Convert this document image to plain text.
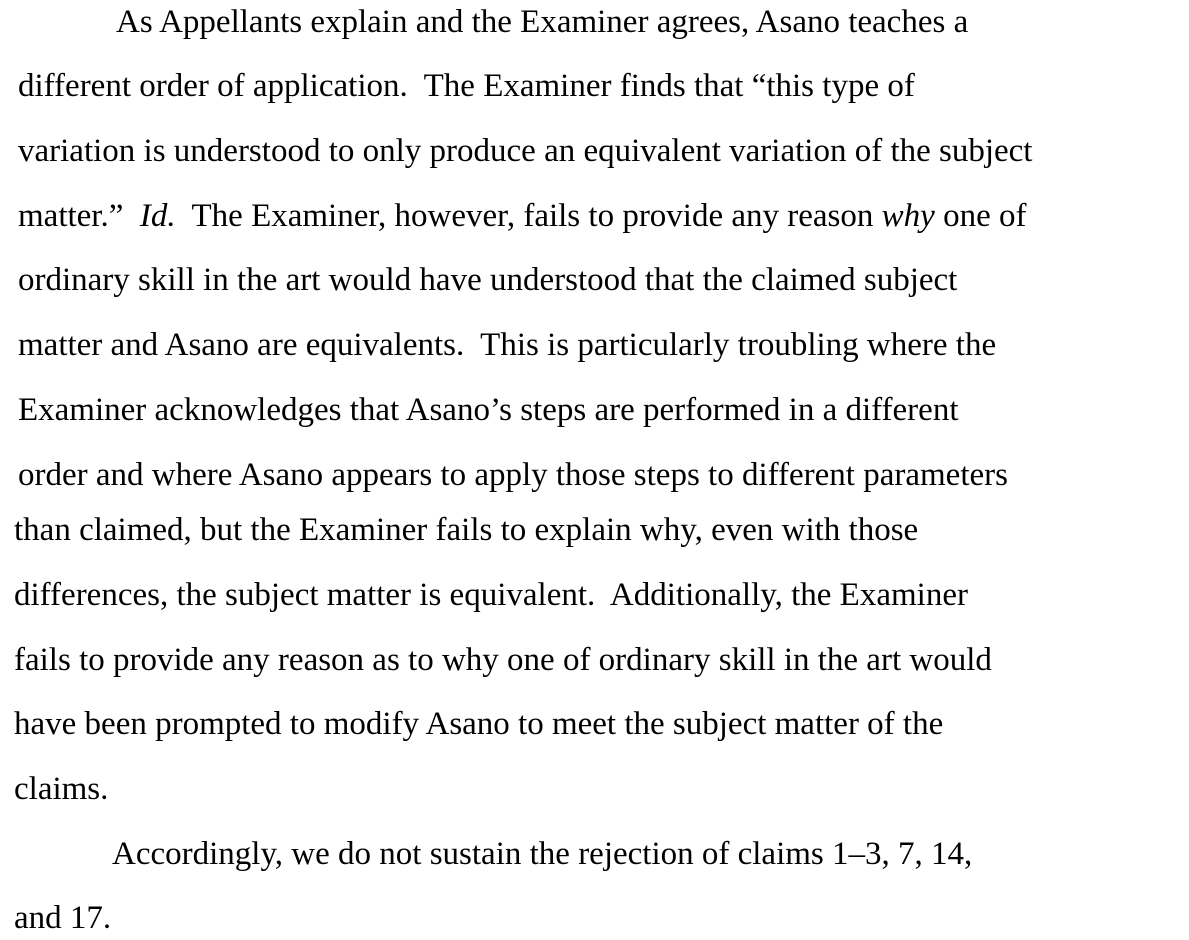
As Appellants explain and the Examiner agrees, Asano teaches a
different order of application.  The Examiner finds that “this type of
variation is understood to only produce an equivalent variation of the subject
matter.”  Id.  The Examiner, however, fails to provide any reason why one of
ordinary skill in the art would have understood that the claimed subject
matter and Asano are equivalents.  This is particularly troubling where the
Examiner acknowledges that Asano’s steps are performed in a different
order and where Asano appears to apply those steps to different parameters
than claimed, but the Examiner fails to explain why, even with those
differences, the subject matter is equivalent.  Additionally, the Examiner
fails to provide any reason as to why one of ordinary skill in the art would
have been prompted to modify Asano to meet the subject matter of the
claims.
Accordingly, we do not sustain the rejection of claims 1–3, 7, 14,
and 17.
